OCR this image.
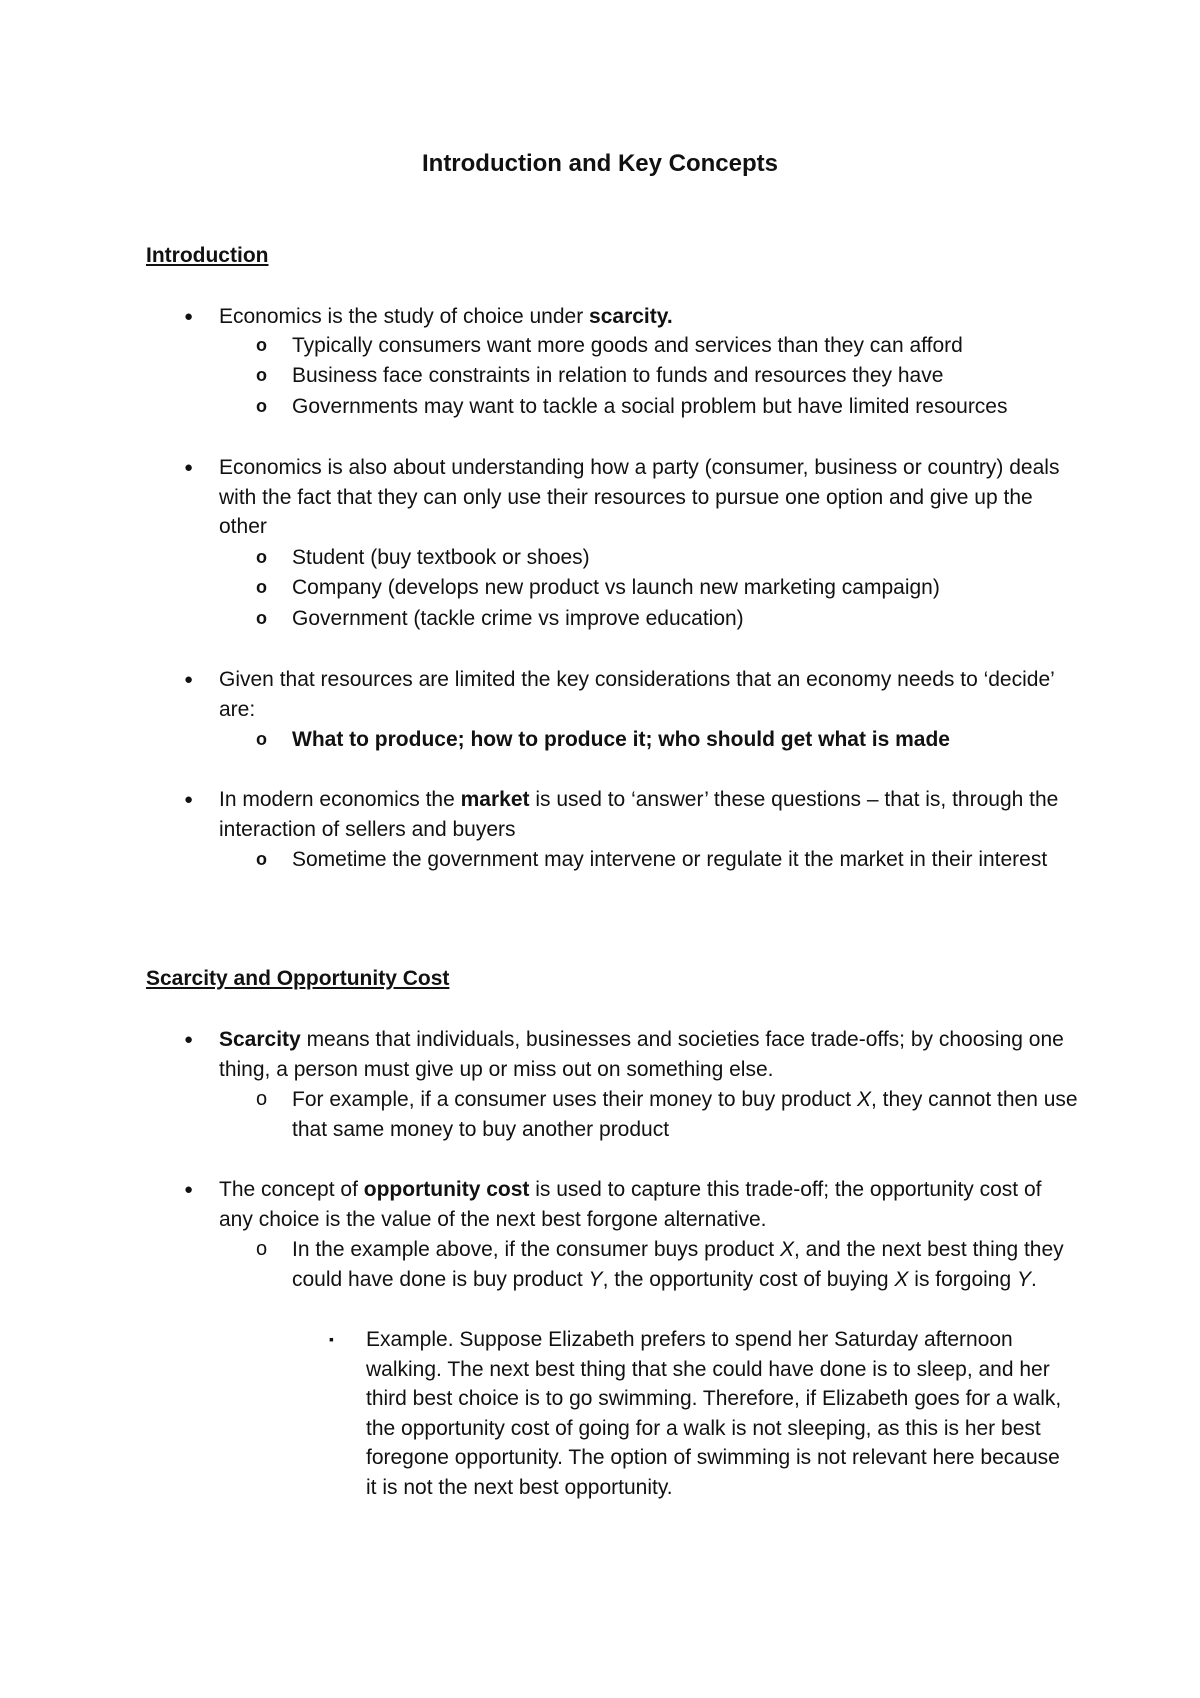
Introduction and Key Concepts
Introduction
● Economics is the study of choice under scarcity.
o Typically consumers want more goods and services than they can afford
o Business face constraints in relation to funds and resources they have
o Governments may want to tackle a social problem but have limited resources
● Economics is also about understanding how a party (consumer, business or country) deals with the fact that they can only use their resources to pursue one option and give up the other
o Student (buy textbook or shoes)
o Company (develops new product vs launch new marketing campaign)
o Government (tackle crime vs improve education)
● Given that resources are limited the key considerations that an economy needs to ‘decide’ are:
o What to produce; how to produce it; who should get what is made
● In modern economics the market is used to ‘answer’ these questions – that is, through the interaction of sellers and buyers
o Sometime the government may intervene or regulate it the market in their interest
Scarcity and Opportunity Cost
● Scarcity means that individuals, businesses and societies face trade-offs; by choosing one thing, a person must give up or miss out on something else.
o For example, if a consumer uses their money to buy product X, they cannot then use that same money to buy another product
● The concept of opportunity cost is used to capture this trade-off; the opportunity cost of any choice is the value of the next best forgone alternative.
o In the example above, if the consumer buys product X, and the next best thing they could have done is buy product Y, the opportunity cost of buying X is forgoing Y.
▪ Example. Suppose Elizabeth prefers to spend her Saturday afternoon walking. The next best thing that she could have done is to sleep, and her third best choice is to go swimming. Therefore, if Elizabeth goes for a walk, the opportunity cost of going for a walk is not sleeping, as this is her best foregone opportunity. The option of swimming is not relevant here because it is not the next best opportunity.
